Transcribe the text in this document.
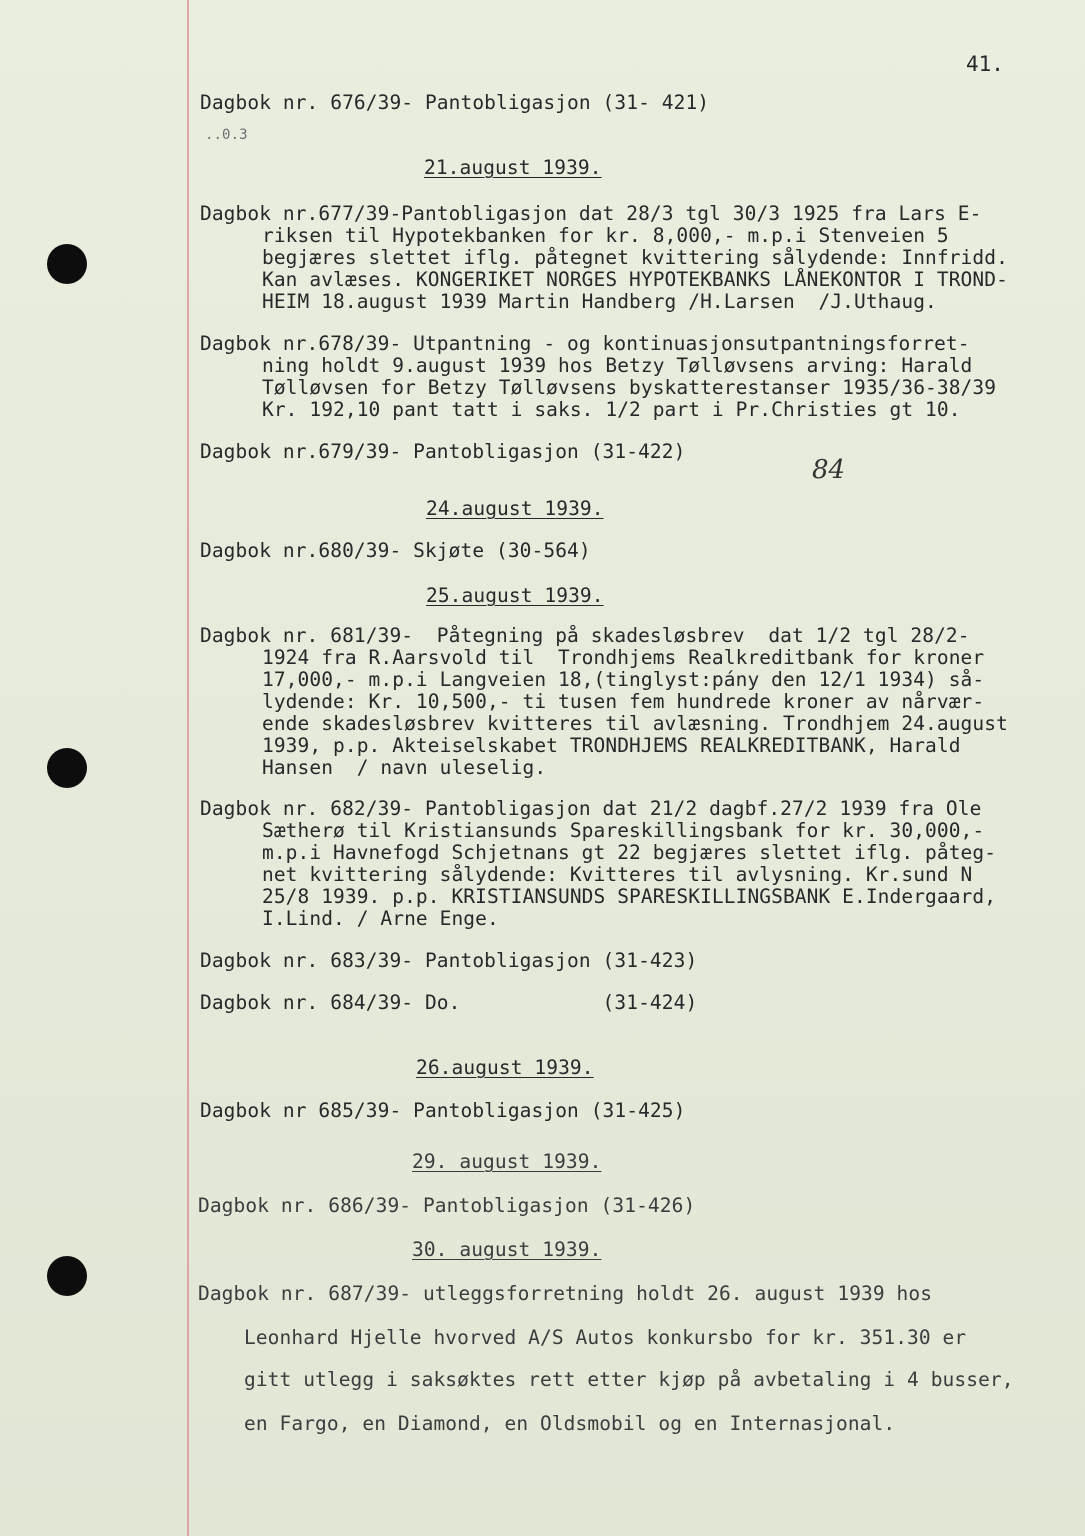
41.
..0.3
84
Dagbok nr. 676/39- Pantobligasjon (31- 421)
21.august 1939.
Dagbok nr.677/39-Pantobligasjon dat 28/3 tgl 30/3 1925 fra Lars E-
riksen til Hypotekbanken for kr. 8,000,- m.p.i Stenveien 5
begjæres slettet iflg. påtegnet kvittering sålydende: Innfridd.
Kan avlæses. KONGERIKET NORGES HYPOTEKBANKS LÅNEKONTOR I TROND-
HEIM 18.august 1939 Martin Handberg /H.Larsen  /J.Uthaug.
Dagbok nr.678/39- Utpantning - og kontinuasjonsutpantningsforret-
ning holdt 9.august 1939 hos Betzy Tølløvsens arving: Harald
Tølløvsen for Betzy Tølløvsens byskatterestanser 1935/36-38/39
Kr. 192,10 pant tatt i saks. 1/2 part i Pr.Christies gt 10.
Dagbok nr.679/39- Pantobligasjon (31-422)
24.august 1939.
Dagbok nr.680/39- Skjøte (30-564)
25.august 1939.
Dagbok nr. 681/39-  Påtegning på skadesløsbrev  dat 1/2 tgl 28/2-
1924 fra R.Aarsvold til  Trondhjems Realkreditbank for kroner
17,000,- m.p.i Langveien 18,(tinglyst:pány den 12/1 1934) så-
lydende: Kr. 10,500,- ti tusen fem hundrede kroner av nårvær-
ende skadesløsbrev kvitteres til avlæsning. Trondhjem 24.august
1939, p.p. Akteiselskabet TRONDHJEMS REALKREDITBANK, Harald
Hansen  / navn uleselig.
Dagbok nr. 682/39- Pantobligasjon dat 21/2 dagbf.27/2 1939 fra Ole
Sætherø til Kristiansunds Spareskillingsbank for kr. 30,000,-
m.p.i Havnefogd Schjetnans gt 22 begjæres slettet iflg. påteg-
net kvittering sålydende: Kvitteres til avlysning. Kr.sund N
25/8 1939. p.p. KRISTIANSUNDS SPARESKILLINGSBANK E.Indergaard,
I.Lind. / Arne Enge.
Dagbok nr. 683/39- Pantobligasjon (31-423)
Dagbok nr. 684/39- Do.            (31-424)
26.august 1939.
Dagbok nr 685/39- Pantobligasjon (31-425)
29. august 1939.
Dagbok nr. 686/39- Pantobligasjon (31-426)
30. august 1939.
Dagbok nr. 687/39- utleggsforretning holdt 26. august 1939 hos
Leonhard Hjelle hvorved A/S Autos konkursbo for kr. 351.30 er
gitt utlegg i saksøktes rett etter kjøp på avbetaling i 4 busser,
en Fargo, en Diamond, en Oldsmobil og en Internasjonal.
